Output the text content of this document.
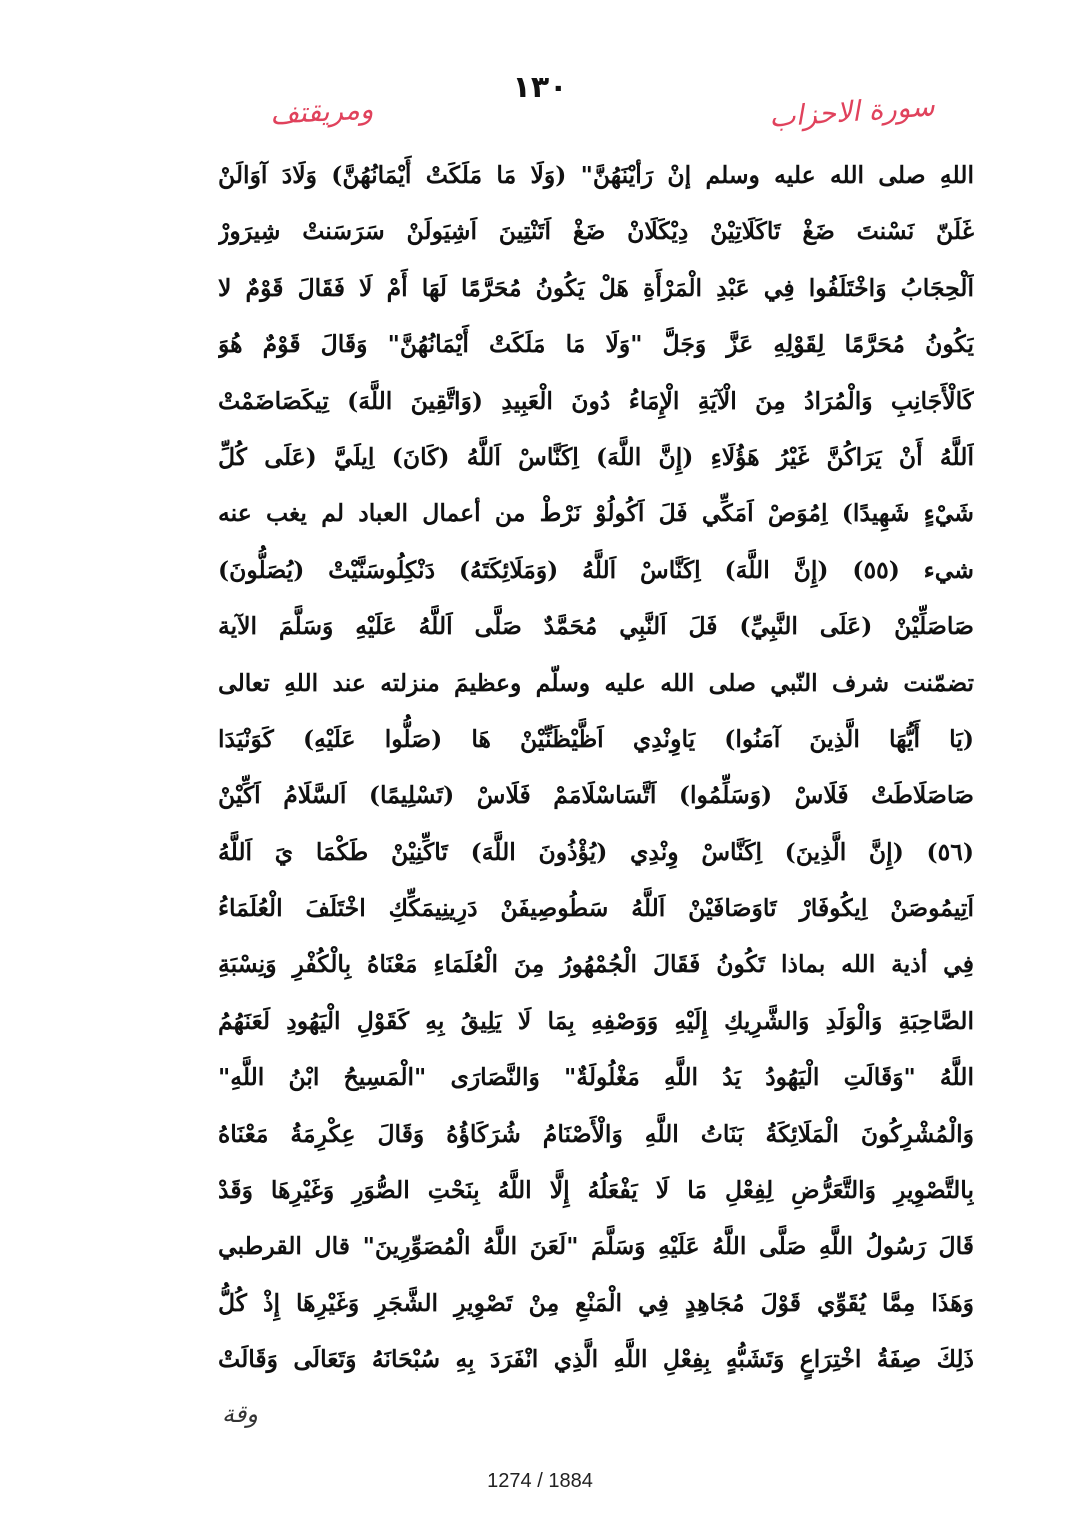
١٣٠
سورة الاحزاب
ومريقتف
اللهِ صلى الله عليه وسلم إنْ رَأيْنَهُنَّ" (وَلَا مَا مَلَكَتْ أَيْمَانُهُنَّ) وَلَادَ آوَالَنْ
غَلَنّ نَسْنتَ ضَغْ تَاكَلَاتِيْنْ دِيْكَلَانْ ضَغْ اَتَنْتِينَ اَشِيَولَنْ سَرَسَنتْ شِيرَورْ
اَلْحِجَابُ وَاخْتَلَفُوا فِي عَبْدِ الْمَرْأَةِ هَلْ يَكُونُ مُحَرَّمًا لَهَا أَمْ لَا فَقَالَ قَوْمٌ لا
يَكُونُ مُحَرَّمًا لِقَوْلِهِ عَزَّ وَجَلَّ "وَلَا مَا مَلَكَتْ أَيْمَانُهُنَّ" وَقَالَ قَوْمٌ هُوَ
كَالْأَجَانِبِ وَالْمُرَادُ مِنَ الْآيَةِ الْإِمَاءُ دُونَ الْعَبِيدِ (وَاتَّقِينَ اللَّهَ) تِيكَصَاضَمْتْ
اَللَّهُ أَنْ يَرَاكُنَّ غَيْرُ هَؤُلَاءِ (إِنَّ اللَّهَ) اِكَنَّاسْ اَللَّهُ (كَانَ) اِيلَيَّ (عَلَى كُلِّ
شَيْءٍ شَهِيدًا) اِمُوَصْ اَمَكِّي فَلَ اَكُولُوْ نَرْطْ من أعمال العباد لم يغب عنه
شيء (٥٥) (إِنَّ اللَّهَ) اِكَنَّاسْ اَللَّهُ (وَمَلَائِكَتَهُ) دَنْكِلُوسَنَّيْتْ (يُصَلُّونَ)
صَاصَلِّيْنْ (عَلَى النَّبِيِّ) فَلَ اَلنَّبِي مُحَمَّدٌ صَلَّى اَللَّهُ عَلَيْهِ وَسَلَّمَ الآية
تضمّنت شرف النّبي صلى الله عليه وسلّم وعظيمَ منزلته عند اللهِ تعالى
(يَا أَيُّهَا الَّذِينَ آمَنُوا) يَاوِنْدِي اَظَّيْظَنِّيْنْ هَا (صَلُّوا عَلَيْهِ) كَوَنْيَدَا
صَاصَلَاطَتْ فَلَاسْ (وَسَلِّمُوا) اَتَّسَاسْلَامَمْ فَلَاسْ (تَسْلِيمًا) اَلسَّلَامُ اَكِّيْنْ
(٥٦) (إِنَّ الَّذِينَ) اِكَنَّاسْ وِنْدِي (يُؤْذُونَ اللَّهَ) تَاكِّنِيْنْ طَكْمَا يَ اَللَّهُ
اَتِيمُوصَنْ اِيكُوفَارْ تَاوَصَافَيْنْ اَللَّهُ سَطُوصِيفَنْ دَرِينِيمَكِّكِ اخْتَلَفَ الْعُلَمَاءُ
فِي أذية الله بماذا تَكُونُ فَقَالَ الْجُمْهُورُ مِنَ الْعُلَمَاءِ مَعْنَاهُ بِالْكُفْرِ وَنِسْبَةِ
الصَّاحِبَةِ وَالْوَلَدِ وَالشَّرِيكِ إِلَيْهِ وَوَصْفِهِ بِمَا لَا يَلِيقُ بِهِ كَقَوْلِ الْيَهُودِ لَعَنَهُمُ
اللَّهُ "وَقَالَتِ الْيَهُودُ يَدُ اللَّهِ مَغْلُولَةٌ" وَالنَّصَارَى "الْمَسِيحُ ابْنُ اللَّهِ"
وَالْمُشْرِكُونَ الْمَلَائِكَةُ بَنَاتُ اللَّهِ وَالْأَصْنَامُ شُرَكَاؤُهُ وَقَالَ عِكْرِمَةُ مَعْنَاهُ
بِالتَّصْوِيرِ وَالتَّعَرُّضِ لِفِعْلِ مَا لَا يَفْعَلُهُ إِلَّا اللَّهُ بِنَحْتِ الصُّوَرِ وَغَيْرِهَا وَقَدْ
قَالَ رَسُولُ اللَّهِ صَلَّى اللَّهُ عَلَيْهِ وَسَلَّمَ "لَعَنَ اللَّهُ الْمُصَوِّرِينَ" قال القرطبي
وَهَذَا مِمَّا يُقَوِّي قَوْلَ مُجَاهِدٍ فِي الْمَنْعِ مِنْ تَصْوِيرِ الشَّجَرِ وَغَيْرِهَا إِذْ كُلُّ
ذَلِكَ صِفَةُ اخْتِرَاعٍ وَتَشَبُّهٍ بِفِعْلِ اللَّهِ الَّذِي انْفَرَدَ بِهِ سُبْحَانَهُ وَتَعَالَى وَقَالَتْ
وقة
1274 / 1884
